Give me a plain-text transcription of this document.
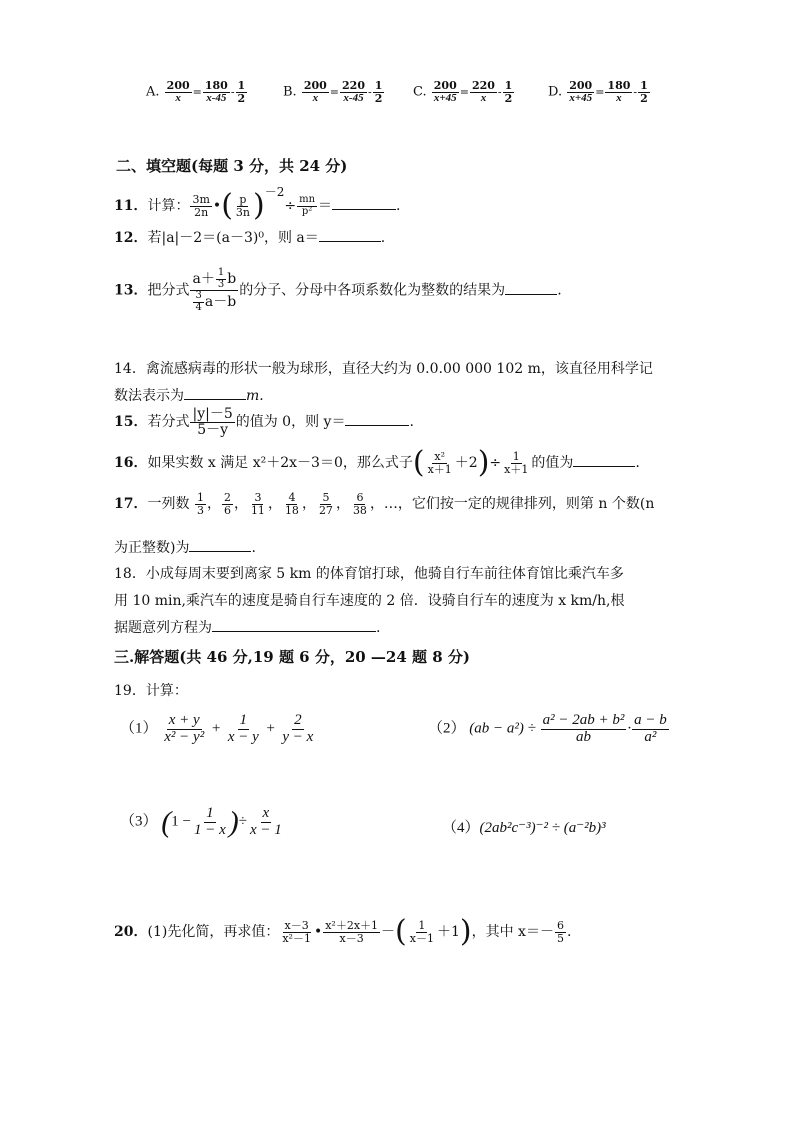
A. $\frac{200}{x} = \frac{180}{x-45} - \frac{1}{2}$	B. $\frac{200}{x} = \frac{220}{x-45} - \frac{1}{2} C$. $\frac{200}{x+45} = \frac{220}{x} - \frac{1}{2}$	D. $\frac{200}{x+45} = \frac{180}{x} - \frac{1}{2}$
二、填空题(每题 3 分，共 24 分)
11．计算： $\frac{3m}{2n}$ •( $\frac{p}{3n} )^{-2}\div \frac{mn}{\text{p²}}$ ＝	.
12．若|a|－2＝(a－3)⁰，则 a＝	.
13．把分式 $\frac{a+ \frac{1}{3} b}{\frac{3}{4} a-b}$ 的分子、分母中各项系数化为整数的结果为	.
14．禽流感病毒的形状一般为球形，直径大约为 0.0.00 000 102 m，该直径用科学记
数法表示为	m.
15．若分式 $\frac{|y|-5}{5-y}$ 的值为 0，则 y＝	.
16．如果实数 x 满足 x²＋2x－3＝0，那么式子( $\frac{\text{x²}}{x+1} +2)\div \frac{1}{x+1}$ 的值为	.
17．一列数 $\frac{1}{3}$ ， $\frac{2}{6}$ ， $\frac{3}{11}$ ， $\frac{4}{18}$ ， $\frac{5}{27}$ ， $\frac{6}{38}$ ，…，它们按一定的规律排列，则第 n 个数(n
为正整数)为	.
18．小成每周末要到离家 5 km 的体育馆打球，他骑自行车前往体育馆比乘汽车多
用 10 min,乘汽车的速度是骑自行车速度的 2 倍．设骑自行车的速度为 x km/h,根
据题意列方程为	.
三.解答题(共 46 分,19 题 6 分，20 —24 题 8 分)
19．计算：
$(1) \frac{x + y}{\text{x² − y²}} + \frac{1}{x - y} + \frac{2}{y - x}$	（2） $(ab - a^2) \div \frac{\text{a² − 2ab + b²}}{ab} \cdot \frac{a - b}{\text{a²}}$
（3） ($1 - \frac{1}{1 - x}$ )÷ $\frac{x}{x - 1}$	（4）(2ab²c⁻³)⁻² ÷ (a⁻²b)³
20．(1)先化简，再求值： $\frac{x-3}{\text{x²－1}}$ • $\frac{\text{x²＋2x＋1}}{x-3}$ －( $\frac{1}{x-1} +1$)，其中 $x=- \frac{6}{5}$ .
